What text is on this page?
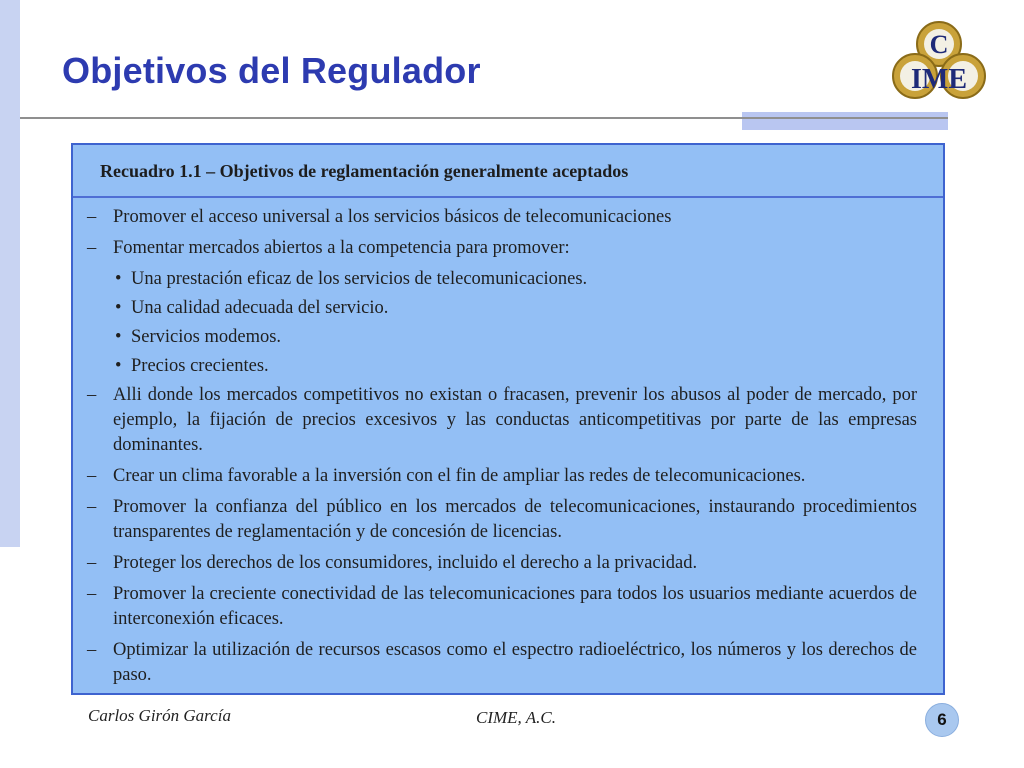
Objetivos del Regulador
C
IME
Recuadro 1.1 – Objetivos de reglamentación generalmente aceptados
– Promover el acceso universal a los servicios básicos de telecomunicaciones
– Fomentar mercados abiertos a la competencia para promover:
• Una prestación eficaz de los servicios de telecomunicaciones.
• Una calidad adecuada del servicio.
• Servicios modemos.
• Precios crecientes.
– Alli donde los mercados competitivos no existan o fracasen, prevenir los abusos al poder de mercado, por ejemplo, la fijación de precios excesivos y las conductas anticompetitivas por parte de las empresas dominantes.
– Crear un clima favorable a la inversión con el fin de ampliar las redes de telecomunicaciones.
– Promover la confianza del público en los mercados de telecomunicaciones, instaurando procedimientos transparentes de reglamentación y de concesión de licencias.
– Proteger los derechos de los consumidores, incluido el derecho a la privacidad.
– Promover la creciente conectividad de las telecomunicaciones para todos los usuarios mediante acuerdos de interconexión eficaces.
– Optimizar la utilización de recursos escasos como el espectro radioeléctrico, los números y los derechos de paso.
Carlos Girón García	CIME, A.C.	6
